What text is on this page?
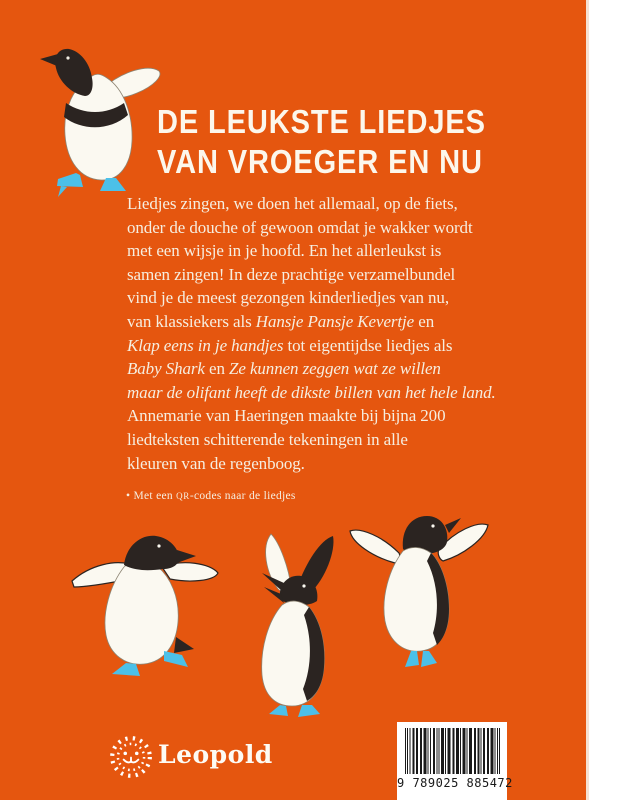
DE LEUKSTE LIEDJES
VAN VROEGER EN NU
Liedjes zingen, we doen het allemaal, op de fiets,
onder de douche of gewoon omdat je wakker wordt
met een wijsje in je hoofd. En het allerleukst is
samen zingen! In deze prachtige verzamelbundel
vind je de meest gezongen kinderliedjes van nu,
van klassiekers als Hansje Pansje Kevertje en
Klap eens in je handjes tot eigentijdse liedjes als
Baby Shark en Ze kunnen zeggen wat ze willen
maar de olifant heeft de dikste billen van het hele land.
Annemarie van Haeringen maakte bij bijna 200
liedteksten schitterende tekeningen in alle
kleuren van de regenboog.
• Met een QR-codes naar de liedjes
Leopold
9 789025 885472
